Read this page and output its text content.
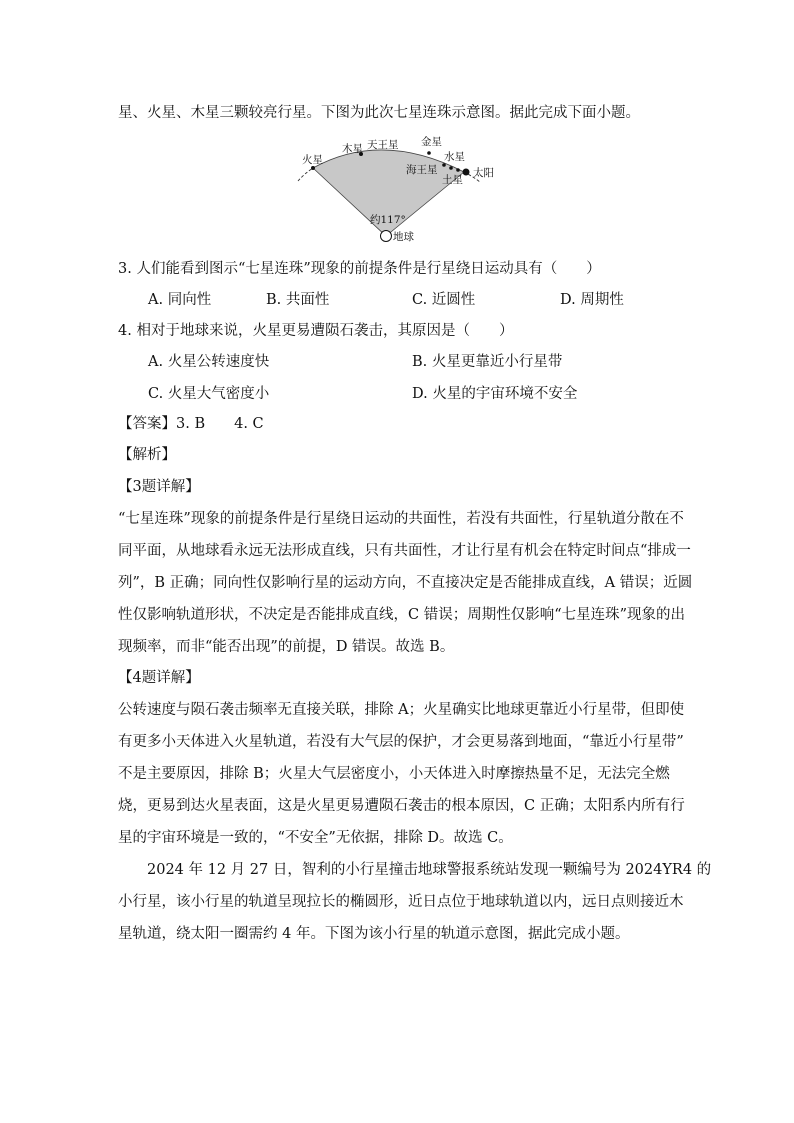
星、火星、木星三颗较亮行星。下图为此次七星连珠示意图。据此完成下面小题。
火星
木星 天王星 金星
水星
海王星
土星
太阳
约117°
地球
3. 人们能看到图示“七星连珠”现象的前提条件是行星绕日运动具有（　　）
A. 同向性	B. 共面性	C. 近圆性	D. 周期性
4. 相对于地球来说，火星更易遭陨石袭击，其原因是（　　）
A. 火星公转速度快	B. 火星更靠近小行星带
C. 火星大气密度小	D. 火星的宇宙环境不安全
【答案】3. B　　4. C
【解析】
【3题详解】
“七星连珠”现象的前提条件是行星绕日运动的共面性，若没有共面性，行星轨道分散在不
同平面，从地球看永远无法形成直线，只有共面性，才让行星有机会在特定时间点“排成一
列”，B 正确；同向性仅影响行星的运动方向，不直接决定是否能排成直线，A 错误；近圆
性仅影响轨道形状，不决定是否能排成直线，C 错误；周期性仅影响“七星连珠”现象的出
现频率，而非“能否出现”的前提，D 错误。故选 B。
【4题详解】
公转速度与陨石袭击频率无直接关联，排除 A；火星确实比地球更靠近小行星带，但即使
有更多小天体进入火星轨道，若没有大气层的保护，才会更易落到地面，“靠近小行星带”
不是主要原因，排除 B；火星大气层密度小，小天体进入时摩擦热量不足，无法完全燃
烧，更易到达火星表面，这是火星更易遭陨石袭击的根本原因，C 正确；太阳系内所有行
星的宇宙环境是一致的，“不安全”无依据，排除 D。故选 C。
　　2024 年 12 月 27 日，智利的小行星撞击地球警报系统站发现一颗编号为 2024YR4 的
小行星，该小行星的轨道呈现拉长的椭圆形，近日点位于地球轨道以内，远日点则接近木
星轨道，绕太阳一圈需约 4 年。下图为该小行星的轨道示意图，据此完成小题。
